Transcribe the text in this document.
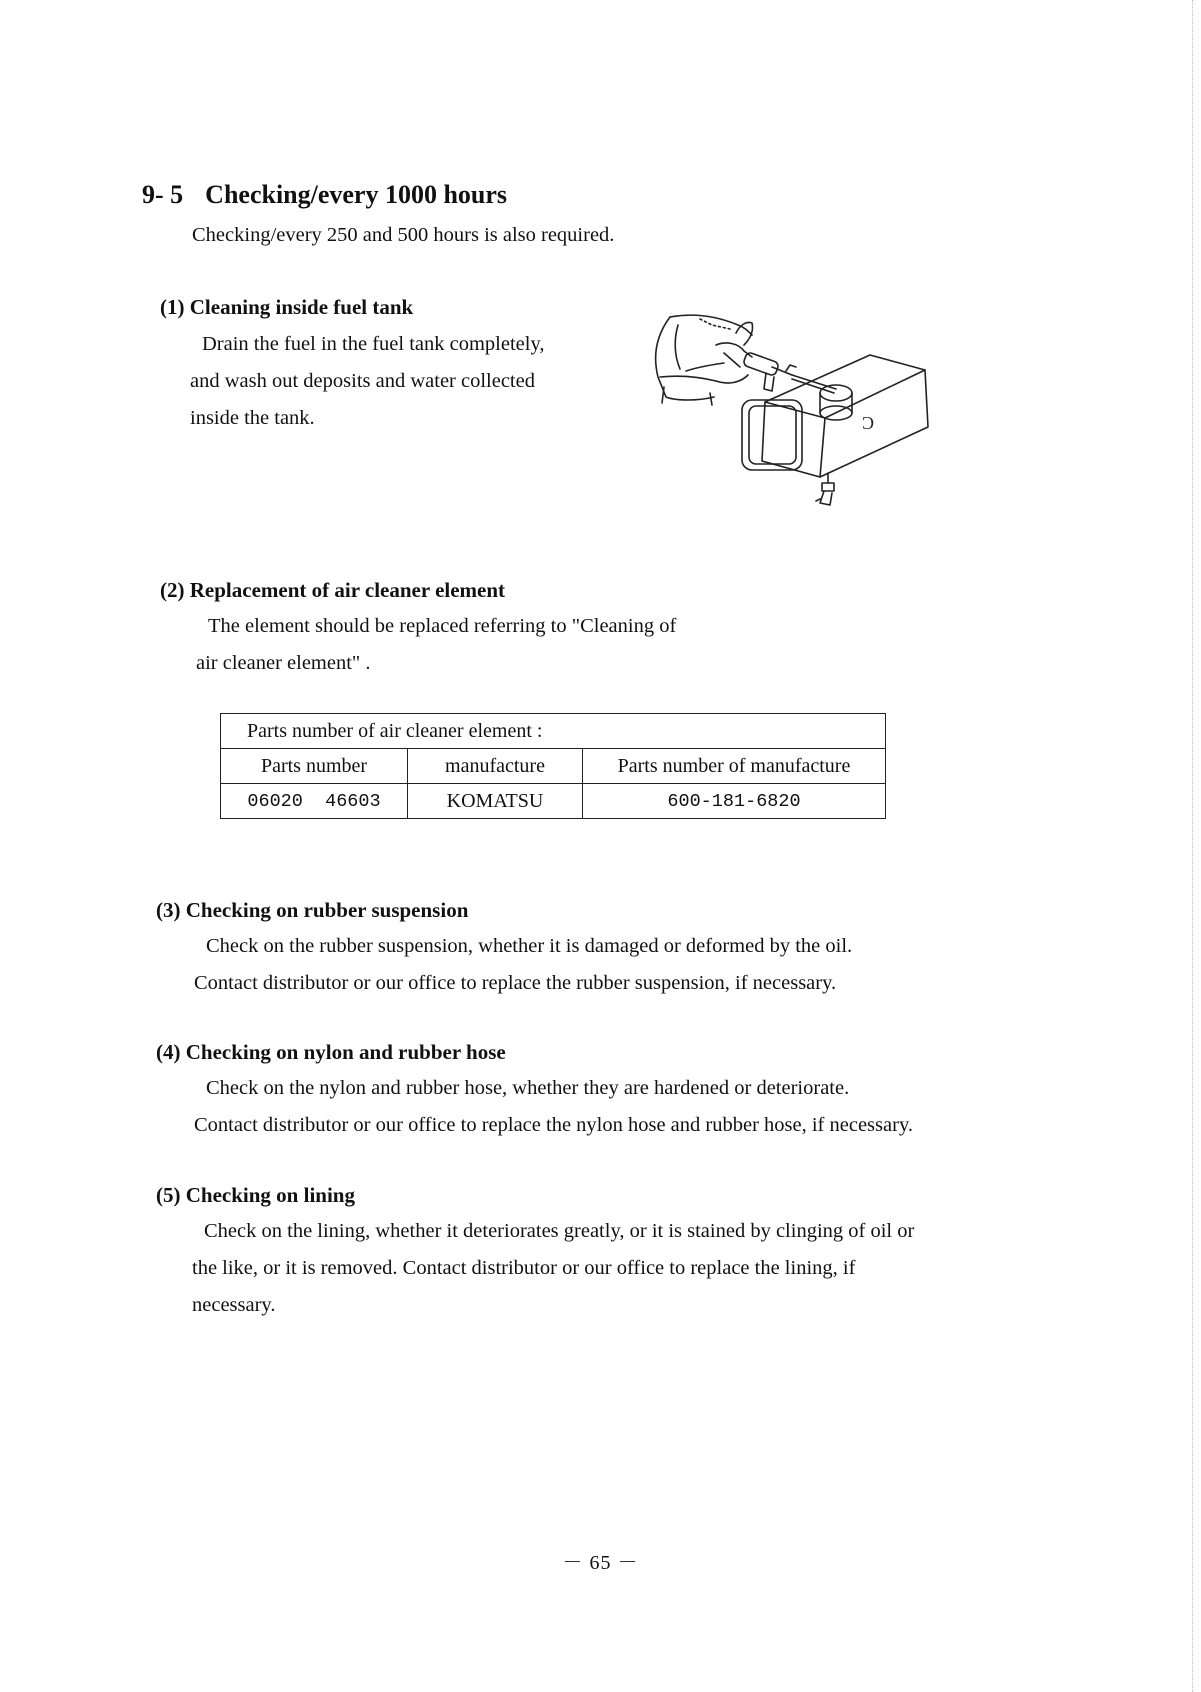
9- 5 Checking/every 1000 hours
Checking/every 250 and 500 hours is also required.
(1) Cleaning inside fuel tank
Drain the fuel in the fuel tank completely,
and wash out deposits and water collected
inside the tank.	Ɔ
(2) Replacement of air cleaner element
The element should be replaced referring to "Cleaning of
air cleaner element" .
Parts number of air cleaner element :		
Parts number	manufacture	Parts number of manufacture
06020  46603	KOMATSU	600-181-6820
(3) Checking on rubber suspension
Check on the rubber suspension, whether it is damaged or deformed by the oil.
Contact distributor or our office to replace the rubber suspension, if necessary.
(4) Checking on nylon and rubber hose
Check on the nylon and rubber hose, whether they are hardened or deteriorate.
Contact distributor or our office to replace the nylon hose and rubber hose, if necessary.
(5) Checking on lining
Check on the lining, whether it deteriorates greatly, or it is stained by clinging of oil or
the like, or it is removed. Contact distributor or our office to replace the lining, if
necessary.
－ 65 －
